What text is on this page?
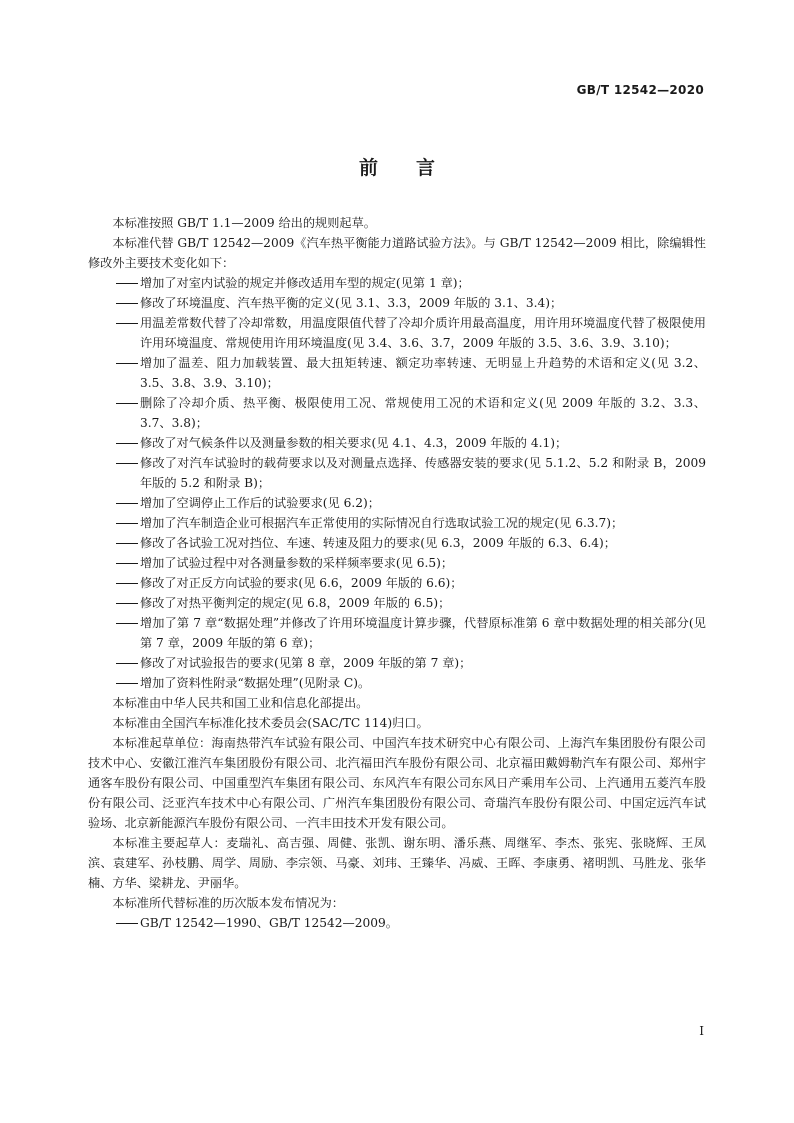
GB/T 12542—2020
前言

本标准按照 GB/T 1.1—2009 给出的规则起草。

本标准代替 GB/T 12542—2009《汽车热平衡能力道路试验方法》。与 GB/T 12542—2009 相比，除编辑性修改外主要技术变化如下：

增加了对室内试验的规定并修改适用车型的规定(见第 1 章)；
修改了环境温度、汽车热平衡的定义(见 3.1、3.3，2009 年版的 3.1、3.4)；
用温差常数代替了冷却常数，用温度限值代替了冷却介质许用最高温度，用许用环境温度代替了极限使用许用环境温度、常规使用许用环境温度(见 3.4、3.6、3.7，2009 年版的 3.5、3.6、3.9、3.10)；
增加了温差、阻力加载装置、最大扭矩转速、额定功率转速、无明显上升趋势的术语和定义(见 3.2、3.5、3.8、3.9、3.10)；
删除了冷却介质、热平衡、极限使用工况、常规使用工况的术语和定义(见 2009 年版的 3.2、3.3、3.7、3.8)；
修改了对气候条件以及测量参数的相关要求(见 4.1、4.3，2009 年版的 4.1)；
修改了对汽车试验时的载荷要求以及对测量点选择、传感器安装的要求(见 5.1.2、5.2 和附录 B，2009 年版的 5.2 和附录 B)；
增加了空调停止工作后的试验要求(见 6.2)；
增加了汽车制造企业可根据汽车正常使用的实际情况自行选取试验工况的规定(见 6.3.7)；
修改了各试验工况对挡位、车速、转速及阻力的要求(见 6.3，2009 年版的 6.3、6.4)；
增加了试验过程中对各测量参数的采样频率要求(见 6.5)；
修改了对正反方向试验的要求(见 6.6，2009 年版的 6.6)；
修改了对热平衡判定的规定(见 6.8，2009 年版的 6.5)；
增加了第 7 章“数据处理”并修改了许用环境温度计算步骤，代替原标准第 6 章中数据处理的相关部分(见第 7 章，2009 年版的第 6 章)；
修改了对试验报告的要求(见第 8 章，2009 年版的第 7 章)；
增加了资料性附录“数据处理”(见附录 C)。

本标准由中华人民共和国工业和信息化部提出。

本标准由全国汽车标准化技术委员会(SAC/TC 114)归口。

本标准起草单位：海南热带汽车试验有限公司、中国汽车技术研究中心有限公司、上海汽车集团股份有限公司技术中心、安徽江淮汽车集团股份有限公司、北汽福田汽车股份有限公司、北京福田戴姆勒汽车有限公司、郑州宇通客车股份有限公司、中国重型汽车集团有限公司、东风汽车有限公司东风日产乘用车公司、上汽通用五菱汽车股份有限公司、泛亚汽车技术中心有限公司、广州汽车集团股份有限公司、奇瑞汽车股份有限公司、中国定远汽车试验场、北京新能源汽车股份有限公司、一汽丰田技术开发有限公司。

本标准主要起草人：麦瑞礼、高吉强、周健、张凯、谢东明、潘乐燕、周继军、李杰、张宪、张晓辉、王凤滨、袁建军、孙枝鹏、周学、周励、李宗领、马豪、刘玮、王臻华、冯威、王晖、李康勇、褚明凯、马胜龙、张华楠、方华、梁耕龙、尹丽华。

本标准所代替标准的历次版本发布情况为：

GB/T 12542—1990、GB/T 12542—2009。
I
